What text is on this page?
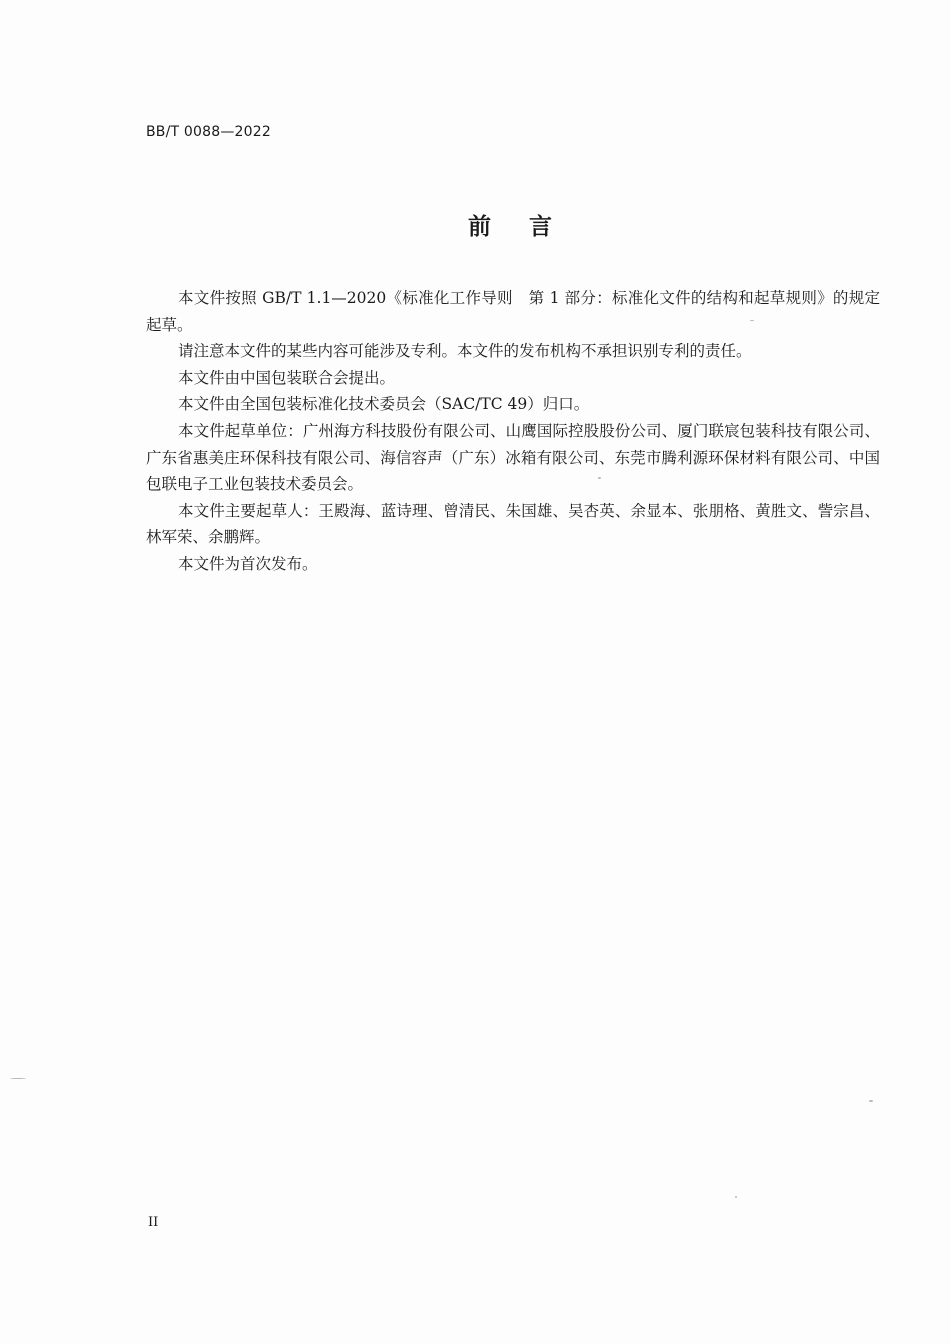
BB/T 0088—2022
前 言

本文件按照 GB/T 1.1—2020《标准化工作导则　第 1 部分：标准化文件的结构和起草规则》的规定起草。

请注意本文件的某些内容可能涉及专利。本文件的发布机构不承担识别专利的责任。

本文件由中国包装联合会提出。

本文件由全国包装标准化技术委员会（SAC/TC 49）归口。

本文件起草单位：广州海方科技股份有限公司、山鹰国际控股股份公司、厦门联宸包装科技有限公司、广东省惠美庄环保科技有限公司、海信容声（广东）冰箱有限公司、东莞市腾利源环保材料有限公司、中国包联电子工业包装技术委员会。

本文件主要起草人：王殿海、蓝诗理、曾清民、朱国雄、吴杏英、余显本、张朋格、黄胜文、訾宗昌、林军荣、余鹏辉。

本文件为首次发布。

II
